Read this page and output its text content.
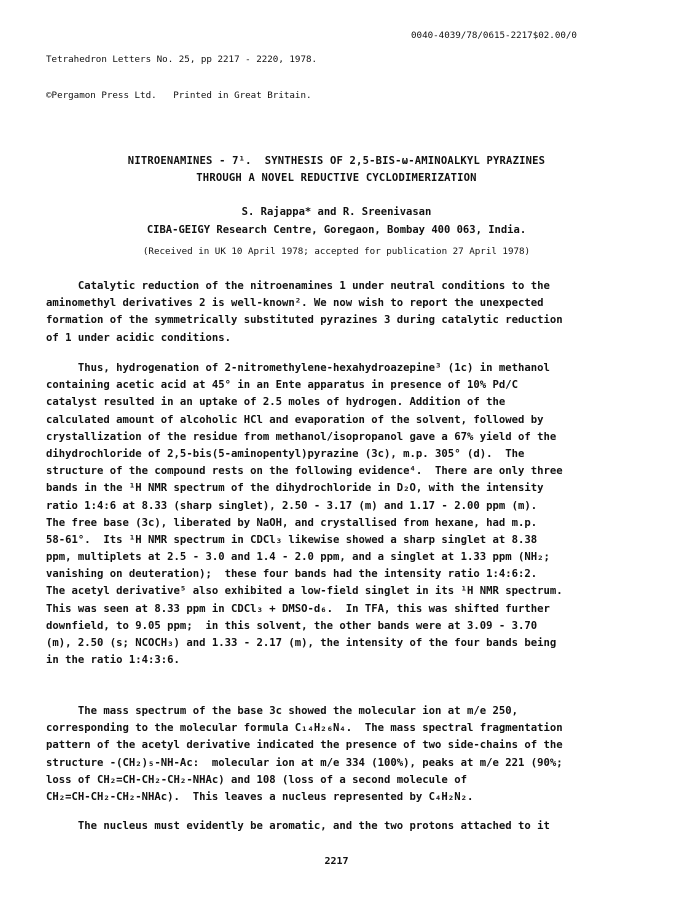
Tetrahedron Letters No. 25, pp 2217 - 2220, 1978.

©Pergamon Press Ltd.   Printed in Great Britain.

0040-4039/78/0615-2217$02.00/0
NITROENAMINES - 7¹.  SYNTHESIS OF 2,5-BIS-ω-AMINOALKYL PYRAZINES
THROUGH A NOVEL REDUCTIVE CYCLODIMERIZATION
S. Rajappa* and R. Sreenivasan
CIBA-GEIGY Research Centre, Goregaon, Bombay 400 063, India.
(Received in UK 10 April 1978; accepted for publication 27 April 1978)
Catalytic reduction of the nitroenamines 1 under neutral conditions to the
aminomethyl derivatives 2 is well-known². We now wish to report the unexpected
formation of the symmetrically substituted pyrazines 3 during catalytic reduction
of 1 under acidic conditions.
Thus, hydrogenation of 2-nitromethylene-hexahydroazepine³ (1c) in methanol
containing acetic acid at 45° in an Ente apparatus in presence of 10% Pd/C
catalyst resulted in an uptake of 2.5 moles of hydrogen. Addition of the
calculated amount of alcoholic HCl and evaporation of the solvent, followed by
crystallization of the residue from methanol/isopropanol gave a 67% yield of the
dihydrochloride of 2,5-bis(5-aminopentyl)pyrazine (3c), m.p. 305° (d).  The
structure of the compound rests on the following evidence⁴.  There are only three
bands in the ¹H NMR spectrum of the dihydrochloride in D₂O, with the intensity
ratio 1:4:6 at 8.33 (sharp singlet), 2.50 - 3.17 (m) and 1.17 - 2.00 ppm (m).
The free base (3c), liberated by NaOH, and crystallised from hexane, had m.p.
58-61°.  Its ¹H NMR spectrum in CDCl₃ likewise showed a sharp singlet at 8.38
ppm, multiplets at 2.5 - 3.0 and 1.4 - 2.0 ppm, and a singlet at 1.33 ppm (NH₂;
vanishing on deuteration);  these four bands had the intensity ratio 1:4:6:2.
The acetyl derivative⁵ also exhibited a low-field singlet in its ¹H NMR spectrum.
This was seen at 8.33 ppm in CDCl₃ + DMSO-d₆.  In TFA, this was shifted further
downfield, to 9.05 ppm;  in this solvent, the other bands were at 3.09 - 3.70
(m), 2.50 (s; NCOCH₃) and 1.33 - 2.17 (m), the intensity of the four bands being
in the ratio 1:4:3:6.
The mass spectrum of the base 3c showed the molecular ion at m/e 250,
corresponding to the molecular formula C₁₄H₂₆N₄.  The mass spectral fragmentation
pattern of the acetyl derivative indicated the presence of two side-chains of the
structure -(CH₂)₅-NH-Ac:  molecular ion at m/e 334 (100%), peaks at m/e 221 (90%;
loss of CH₂=CH-CH₂-CH₂-NHAc) and 108 (loss of a second molecule of
CH₂=CH-CH₂-CH₂-NHAc).  This leaves a nucleus represented by C₄H₂N₂.
The nucleus must evidently be aromatic, and the two protons attached to it
2217
